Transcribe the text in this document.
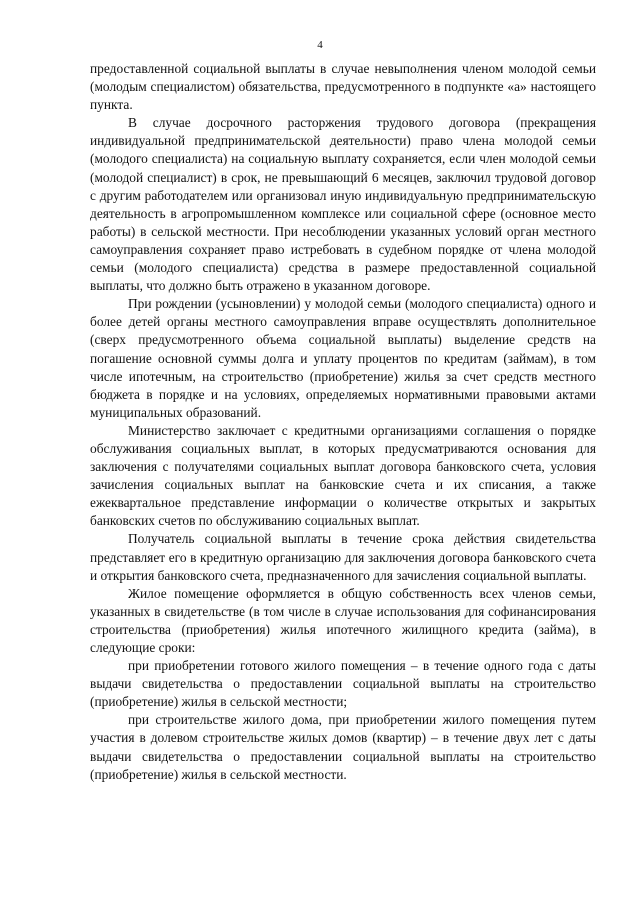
4

предоставленной социальной выплаты в случае невыполнения членом молодой семьи (молодым специалистом) обязательства, предусмотренного в подпункте «а» настоящего пункта.

В случае досрочного расторжения трудового договора (прекращения индивидуальной предпринимательской деятельности) право члена молодой семьи (молодого специалиста) на социальную выплату сохраняется, если член молодой семьи (молодой специалист) в срок, не превышающий 6 месяцев, заключил трудовой договор с другим работодателем или организовал иную индивидуальную предпринимательскую деятельность в агропромышленном комплексе или социальной сфере (основное место работы) в сельской местности. При несоблюдении указанных условий орган местного самоуправления сохраняет право истребовать в судебном порядке от члена молодой семьи (молодого специалиста) средства в размере предоставленной социальной выплаты, что должно быть отражено в указанном договоре.

При рождении (усыновлении) у молодой семьи (молодого специалиста) одного и более детей органы местного самоуправления вправе осуществлять дополнительное (сверх предусмотренного объема социальной выплаты) выделение средств на погашение основной суммы долга и уплату процентов по кредитам (займам), в том числе ипотечным, на строительство (приобретение) жилья за счет средств местного бюджета в порядке и на условиях, определяемых нормативными правовыми актами муниципальных образований.

Министерство заключает с кредитными организациями соглашения о порядке обслуживания социальных выплат, в которых предусматриваются основания для заключения с получателями социальных выплат договора банковского счета, условия зачисления социальных выплат на банковские счета и их списания, а также ежеквартальное представление информации о количестве открытых и закрытых банковских счетов по обслуживанию социальных выплат.

Получатель социальной выплаты в течение срока действия свидетельства представляет его в кредитную организацию для заключения договора банковского счета и открытия банковского счета, предназначенного для зачисления социальной выплаты.

Жилое помещение оформляется в общую собственность всех членов семьи, указанных в свидетельстве (в том числе в случае использования для софинансирования строительства (приобретения) жилья ипотечного жилищного кредита (займа), в следующие сроки:

при приобретении готового жилого помещения – в течение одного года с даты выдачи свидетельства о предоставлении социальной выплаты на строительство (приобретение) жилья в сельской местности;

при строительстве жилого дома, при приобретении жилого помещения путем участия в долевом строительстве жилых домов (квартир) – в течение двух лет с даты выдачи свидетельства о предоставлении социальной выплаты на строительство (приобретение) жилья в сельской местности.
